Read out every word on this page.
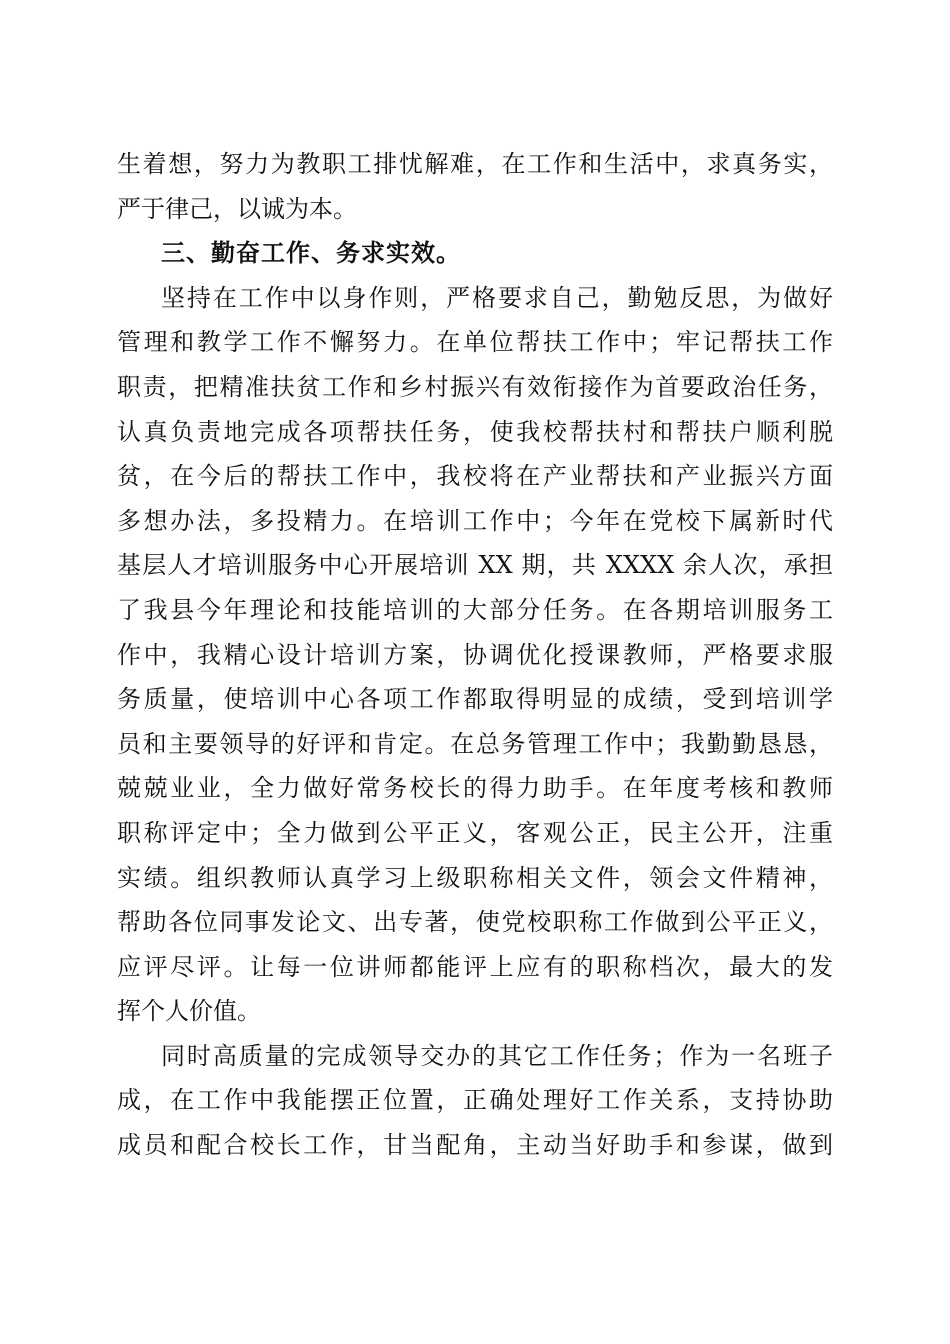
生着想，努力为教职工排忧解难，在工作和生活中，求真务实，
严于律己，以诚为本。
三、勤奋工作、务求实效。
坚持在工作中以身作则，严格要求自己，勤勉反思，为做好
管理和教学工作不懈努力。在单位帮扶工作中；牢记帮扶工作
职责，把精准扶贫工作和乡村振兴有效衔接作为首要政治任务，
认真负责地完成各项帮扶任务，使我校帮扶村和帮扶户顺利脱
贫，在今后的帮扶工作中，我校将在产业帮扶和产业振兴方面
多想办法，多投精力。在培训工作中；今年在党校下属新时代
基层人才培训服务中心开展培训 XX 期，共 XXXX 余人次，承担
了我县今年理论和技能培训的大部分任务。在各期培训服务工
作中，我精心设计培训方案，协调优化授课教师，严格要求服
务质量，使培训中心各项工作都取得明显的成绩，受到培训学
员和主要领导的好评和肯定。在总务管理工作中；我勤勤恳恳，
兢兢业业，全力做好常务校长的得力助手。在年度考核和教师
职称评定中；全力做到公平正义，客观公正，民主公开，注重
实绩。组织教师认真学习上级职称相关文件，领会文件精神，
帮助各位同事发论文、出专著，使党校职称工作做到公平正义，
应评尽评。让每一位讲师都能评上应有的职称档次，最大的发
挥个人价值。
同时高质量的完成领导交办的其它工作任务；作为一名班子
成，在工作中我能摆正位置，正确处理好工作关系，支持协助
成员和配合校长工作，甘当配角，主动当好助手和参谋，做到
